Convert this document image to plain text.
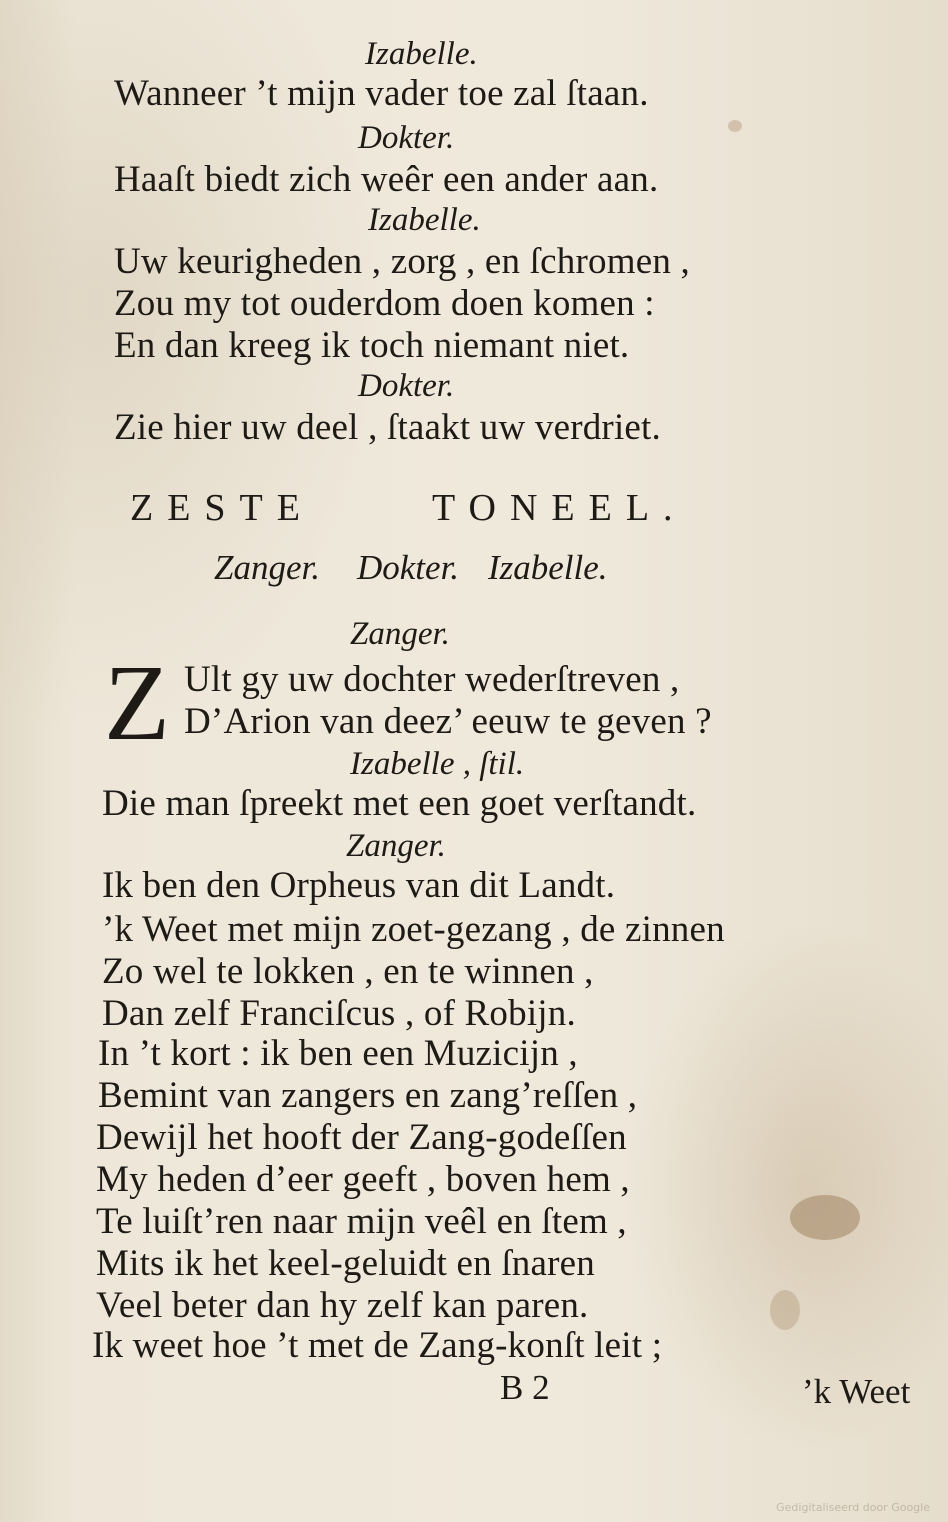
Izabelle.
Wanneer ’t mijn vader toe zal ſtaan.
Dokter.
Haaſt biedt zich weêr een ander aan.
Izabelle.
Uw keurigheden , zorg , en ſchromen ,
Zou my tot ouderdom doen komen :
En dan kreeg ik toch niemant niet.
Dokter.
Zie hier uw deel , ſtaakt uw verdriet.
ZESTE	TONEEL.
Zanger. Dokter. Izabelle.
Zanger.
Z Ult gy uw dochter wederſtreven ,
D’Arion van deez’ eeuw te geven ?
Izabelle , ſtil.
Die man ſpreekt met een goet verſtandt.
Zanger.
Ik ben den Orpheus van dit Landt.
’k Weet met mijn zoet-gezang , de zinnen
Zo wel te lokken , en te winnen ,
Dan zelf Franciſcus , of Robijn.
In ’t kort : ik ben een Muzicijn ,
Bemint van zangers en zang’reſſen ,
Dewijl het hooft der Zang-godeſſen
My heden d’eer geeft , boven hem ,
Te luiſt’ren naar mijn veêl en ſtem ,
Mits ik het keel-geluidt en ſnaren
Veel beter dan hy zelf kan paren.
Ik weet hoe ’t met de Zang-konſt leit ;
B 2	’k Weet
Gedigitaliseerd door Google
